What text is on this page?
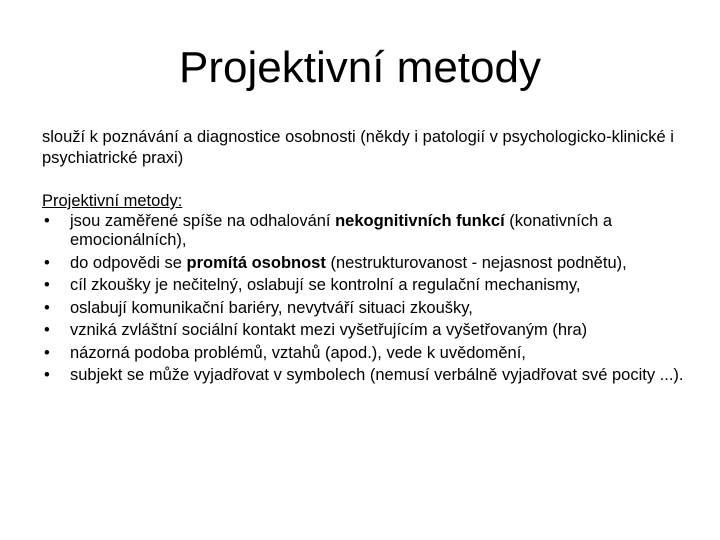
Projektivní metody

slouží k poznávání a diagnostice osobnosti (někdy i patologií v psychologicko-klinické i psychiatrické praxi)

Projektivní metody:

• jsou zaměřené spíše na odhalování nekognitivních funkcí (konativních a emocionálních),
• do odpovědi se promítá osobnost (nestrukturovanost - nejasnost podnětu),
• cíl zkoušky je nečitelný, oslabují se kontrolní a regulační mechanismy,
• oslabují komunikační bariéry, nevytváří situaci zkoušky,
• vzniká zvláštní sociální kontakt mezi vyšetřujícím a vyšetřovaným (hra)
• názorná podoba problémů, vztahů (apod.), vede k uvědomění,
• subjekt se může vyjadřovat v symbolech (nemusí verbálně vyjadřovat své pocity ...).
